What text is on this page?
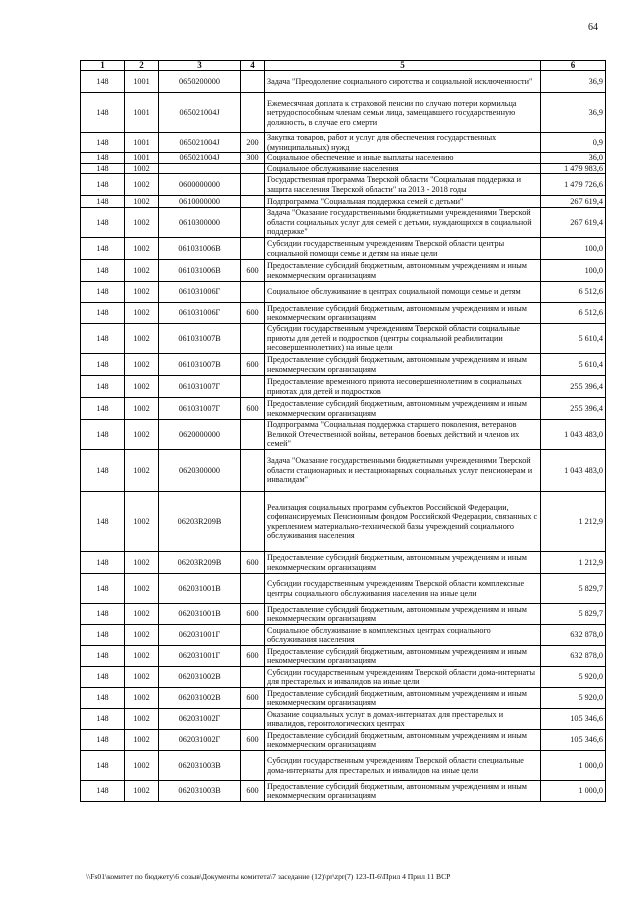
64
1	2	3	4	5	6
148	1001	0650200000		Задача "Преодоление социального сиротства и социальной исключенности"	36,9
148	1001	065021004J		Ежемесячная доплата к страховой пенсии по случаю потери кормильца нетрудоспособным членам семьи лица, замещавшего государственную должность, в случае его смерти	36,9
148	1001	065021004J	200	Закупка товаров, работ и услуг для обеспечения государственных (муниципальных) нужд	0,9
148	1001	065021004J	300	Социальное обеспечение и иные выплаты населению	36,0
148	1002			Социальное обслуживание населения	1 479 983,6
148	1002	0600000000		Государственная программа Тверской области "Социальная поддержка и защита населения Тверской области" на 2013 - 2018 годы	1 479 726,6
148	1002	0610000000		Подпрограмма "Социальная поддержка семей с детьми"	267 619,4
148	1002	0610300000		Задача "Оказание государственными бюджетными учреждениями Тверской области социальных услуг для семей с детьми, нуждающихся в социальной поддержке"	267 619,4
148	1002	061031006В		Субсидии государственным учреждениям Тверской области центры социальной помощи семье и детям на иные цели	100,0
148	1002	061031006В	600	Предоставление субсидий бюджетным, автономным учреждениям и иным некоммерческим организациям	100,0
148	1002	061031006Г		Социальное обслуживание в центрах социальной помощи семье и детям	6 512,6
148	1002	061031006Г	600	Предоставление субсидий бюджетным, автономным учреждениям и иным некоммерческим организациям	6 512,6
148	1002	061031007В		Субсидии государственным учреждениям Тверской области социальные приюты для детей и подростков (центры социальной реабилитации несовершеннолетних) на иные цели	5 610,4
148	1002	061031007В	600	Предоставление субсидий бюджетным, автономным учреждениям и иным некоммерческим организациям	5 610,4
148	1002	061031007Г		Предоставление временного приюта несовершеннолетним в социальных приютах для детей и подростков	255 396,4
148	1002	061031007Г	600	Предоставление субсидий бюджетным, автономным учреждениям и иным некоммерческим организациям	255 396,4
148	1002	0620000000		Подпрограмма "Социальная поддержка старшего поколения, ветеранов Великой Отечественной войны, ветеранов боевых действий и членов их семей"	1 043 483,0
148	1002	0620300000		Задача "Оказание государственными бюджетными учреждениями Тверской области стационарных и нестационарных социальных услуг пенсионерам и инвалидам"	1 043 483,0
148	1002	06203R209В		Реализация социальных программ субъектов Российской Федерации, софинансируемых Пенсионным фондом Российской Федерации, связанных с укреплением материально-технической базы учреждений социального обслуживания населения	1 212,9
148	1002	06203R209В	600	Предоставление субсидий бюджетным, автономным учреждениям и иным некоммерческим организациям	1 212,9
148	1002	062031001В		Субсидии государственным учреждениям Тверской области комплексные центры социального обслуживания населения на иные цели	5 829,7
148	1002	062031001В	600	Предоставление субсидий бюджетным, автономным учреждениям и иным некоммерческим организациям	5 829,7
148	1002	062031001Г		Социальное обслуживание в комплексных центрах социального обслуживания населения	632 878,0
148	1002	062031001Г	600	Предоставление субсидий бюджетным, автономным учреждениям и иным некоммерческим организациям	632 878,0
148	1002	062031002В		Субсидии государственным учреждениям Тверской области дома-интернаты для престарелых и инвалидов на иные цели	5 920,0
148	1002	062031002В	600	Предоставление субсидий бюджетным, автономным учреждениям и иным некоммерческим организациям	5 920,0
148	1002	062031002Г		Оказание социальных услуг в домах-интернатах для престарелых и инвалидов, геронтологических центрах	105 346,6
148	1002	062031002Г	600	Предоставление субсидий бюджетным, автономным учреждениям и иным некоммерческим организациям	105 346,6
148	1002	062031003В		Субсидии государственным учреждениям Тверской области специальные дома-интернаты для престарелых и инвалидов на иные цели	1 000,0
148	1002	062031003В	600	Предоставление субсидий бюджетным, автономным учреждениям и иным некоммерческим организациям	1 000,0
\\Fs01\комитет по бюджету\6 созыв\Документы комитета\7 заседание (12)\pr\zpr(7) 123-П-6\Прил 4 Прил 11 ВСР
